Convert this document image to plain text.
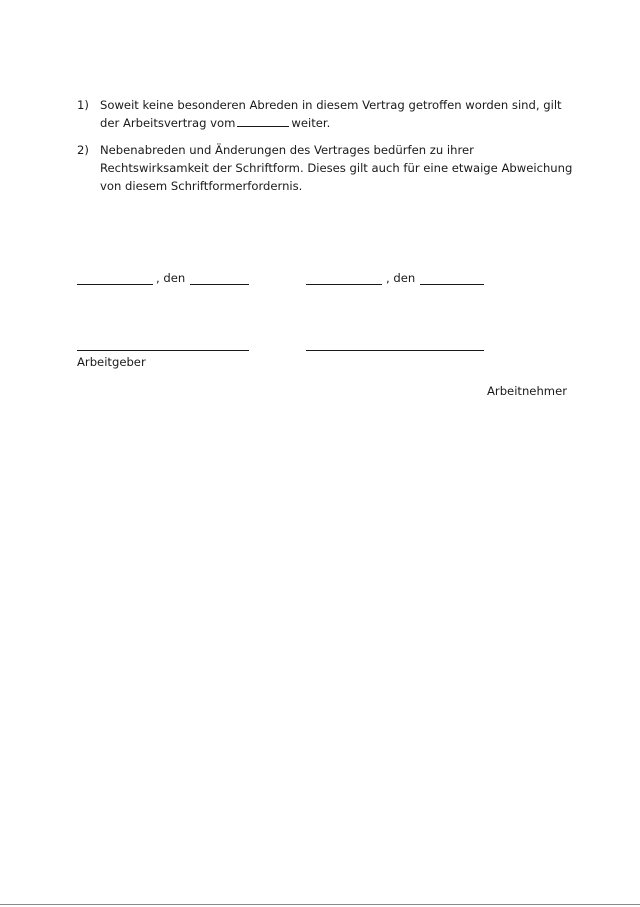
1) Soweit keine besonderen Abreden in diesem Vertrag getroffen worden sind, gilt
der Arbeitsvertrag vom	weiter.
2) Nebenabreden und Änderungen des Vertrages bedürfen zu ihrer
Rechtswirksamkeit der Schriftform. Dieses gilt auch für eine etwaige Abweichung
von diesem Schriftformerfordernis.
, den	, den
Arbeitgeber
Arbeitnehmer
